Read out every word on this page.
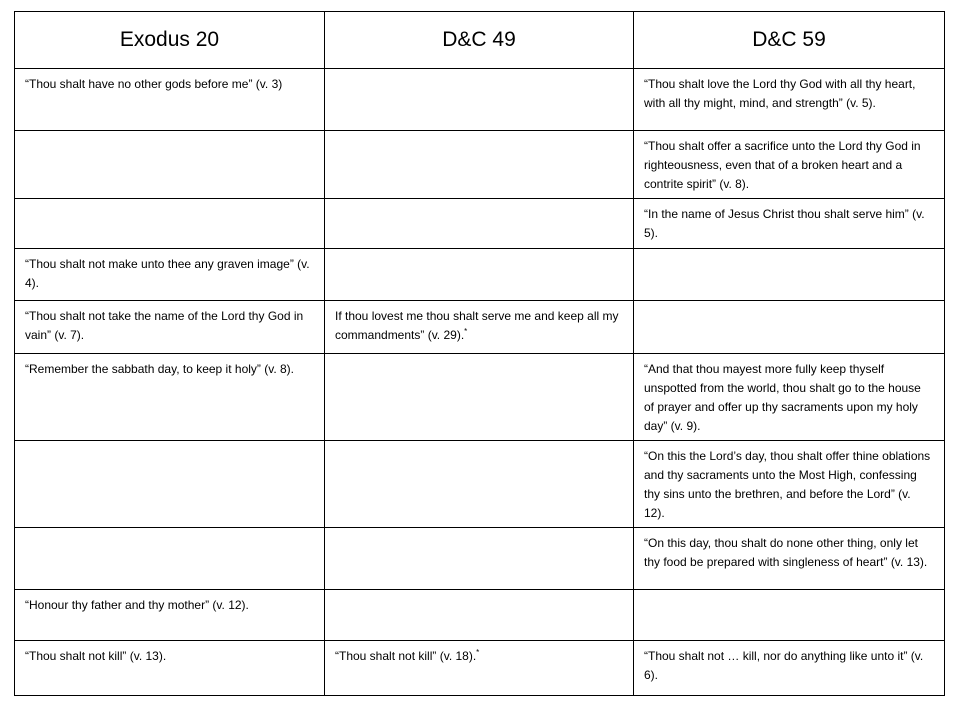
Exodus 20	D&C 49	D&C 59
“Thou shalt have no other gods before me” (v. 3)		“Thou shalt love the Lord thy God with all thy heart, with all thy might, mind, and strength” (v. 5).
		“Thou shalt offer a sacrifice unto the Lord thy God in righteousness, even that of a broken heart and a contrite spirit” (v. 8).
		“In the name of Jesus Christ thou shalt serve him” (v. 5).
“Thou shalt not make unto thee any graven image” (v. 4).		
“Thou shalt not take the name of the Lord thy God in vain” (v. 7).	If thou lovest me thou shalt serve me and keep all my commandments” (v. 29).*	
“Remember the sabbath day, to keep it holy” (v. 8).		“And that thou mayest more fully keep thyself unspotted from the world, thou shalt go to the house of prayer and offer up thy sacraments upon my holy day” (v. 9).
		“On this the Lord’s day, thou shalt offer thine oblations and thy sacraments unto the Most High, confessing thy sins unto the brethren, and before the Lord” (v. 12).
		“On this day, thou shalt do none other thing, only let thy food be prepared with singleness of heart” (v. 13).
“Honour thy father and thy mother” (v. 12).		
“Thou shalt not kill” (v. 13).	“Thou shalt not kill” (v. 18).*	“Thou shalt not … kill, nor do anything like unto it” (v. 6).
